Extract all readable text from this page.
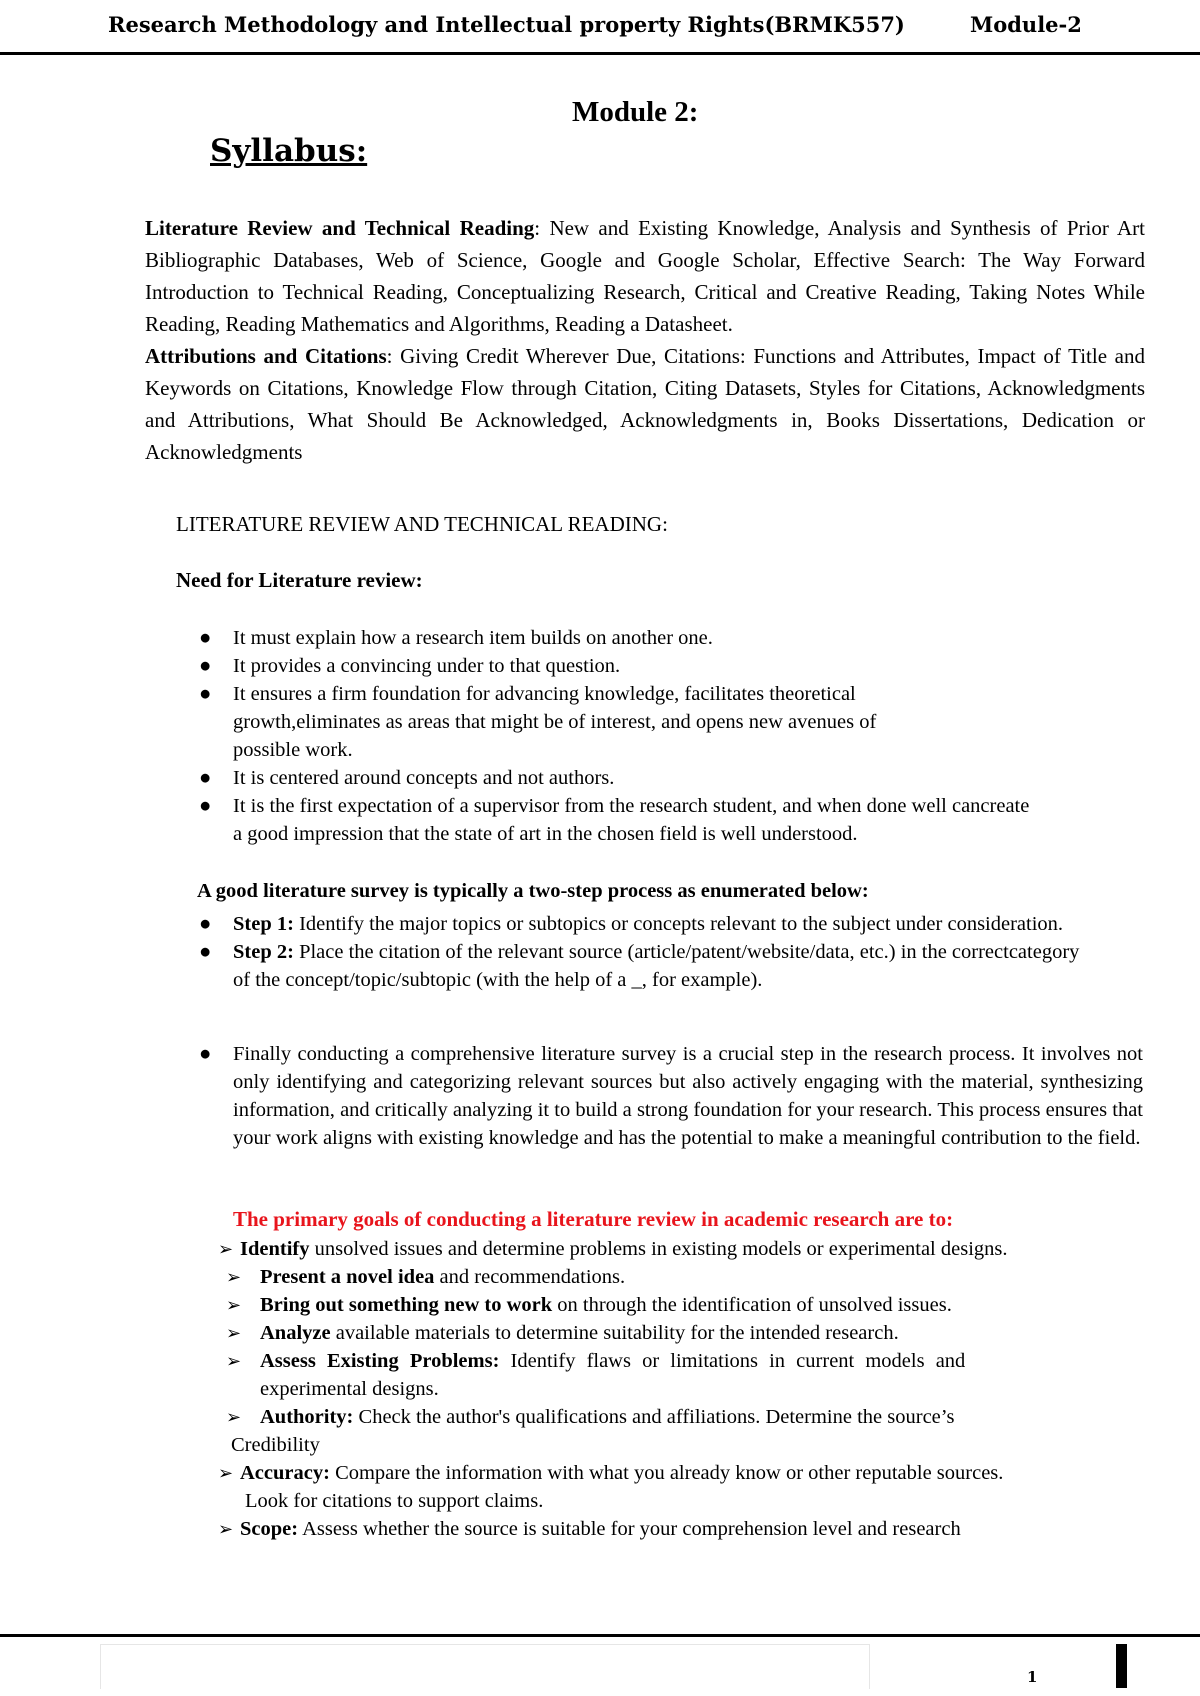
Research Methodology and Intellectual property Rights(BRMK557)	Module-2
Module 2:
Syllabus:

Literature Review and Technical Reading: New and Existing Knowledge, Analysis and Synthesis of Prior Art Bibliographic Databases, Web of Science, Google and Google Scholar, Effective Search: The Way Forward Introduction to Technical Reading, Conceptualizing Research, Critical and Creative Reading, Taking Notes While Reading, Reading Mathematics and Algorithms, Reading a Datasheet.

Attributions and Citations: Giving Credit Wherever Due, Citations: Functions and Attributes, Impact of Title and Keywords on Citations, Knowledge Flow through Citation, Citing Datasets, Styles for Citations, Acknowledgments and Attributions, What Should Be Acknowledged, Acknowledgments in, Books Dissertations, Dedication or Acknowledgments

LITERATURE REVIEW AND TECHNICAL READING:
Need for Literature review:
● It must explain how a research item builds on another one.
● It provides a convincing under to that question.
● It ensures a firm foundation for advancing knowledge, facilitates theoretical growth,eliminates as areas that might be of interest, and opens new avenues of possible work.
● It is centered around concepts and not authors.
● It is the first expectation of a supervisor from the research student, and when done well cancreate a good impression that the state of art in the chosen field is well understood.
A good literature survey is typically a two-step process as enumerated below:
● Step 1: Identify the major topics or subtopics or concepts relevant to the subject under consideration.
● Step 2: Place the citation of the relevant source (article/patent/website/data, etc.) in the correctcategory of the concept/topic/subtopic (with the help of a _, for example).
● Finally conducting a comprehensive literature survey is a crucial step in the research process. It involves not only identifying and categorizing relevant sources but also actively engaging with the material, synthesizing information, and critically analyzing it to build a strong foundation for your research. This process ensures that your work aligns with existing knowledge and has the potential to make a meaningful contribution to the field.
The primary goals of conducting a literature review in academic research are to:
➢ Identify unsolved issues and determine problems in existing models or experimental designs.
➢ Present a novel idea and recommendations.
➢ Bring out something new to work on through the identification of unsolved issues.
➢ Analyze available materials to determine suitability for the intended research.
➢ Assess Existing Problems: Identify flaws or limitations in current models and
experimental designs.
➢ Authority: Check the author's qualifications and affiliations. Determine the source’s
Credibility
➢ Accuracy: Compare the information with what you already know or other reputable sources.
Look for citations to support claims.
➢ Scope: Assess whether the source is suitable for your comprehension level and research
1
